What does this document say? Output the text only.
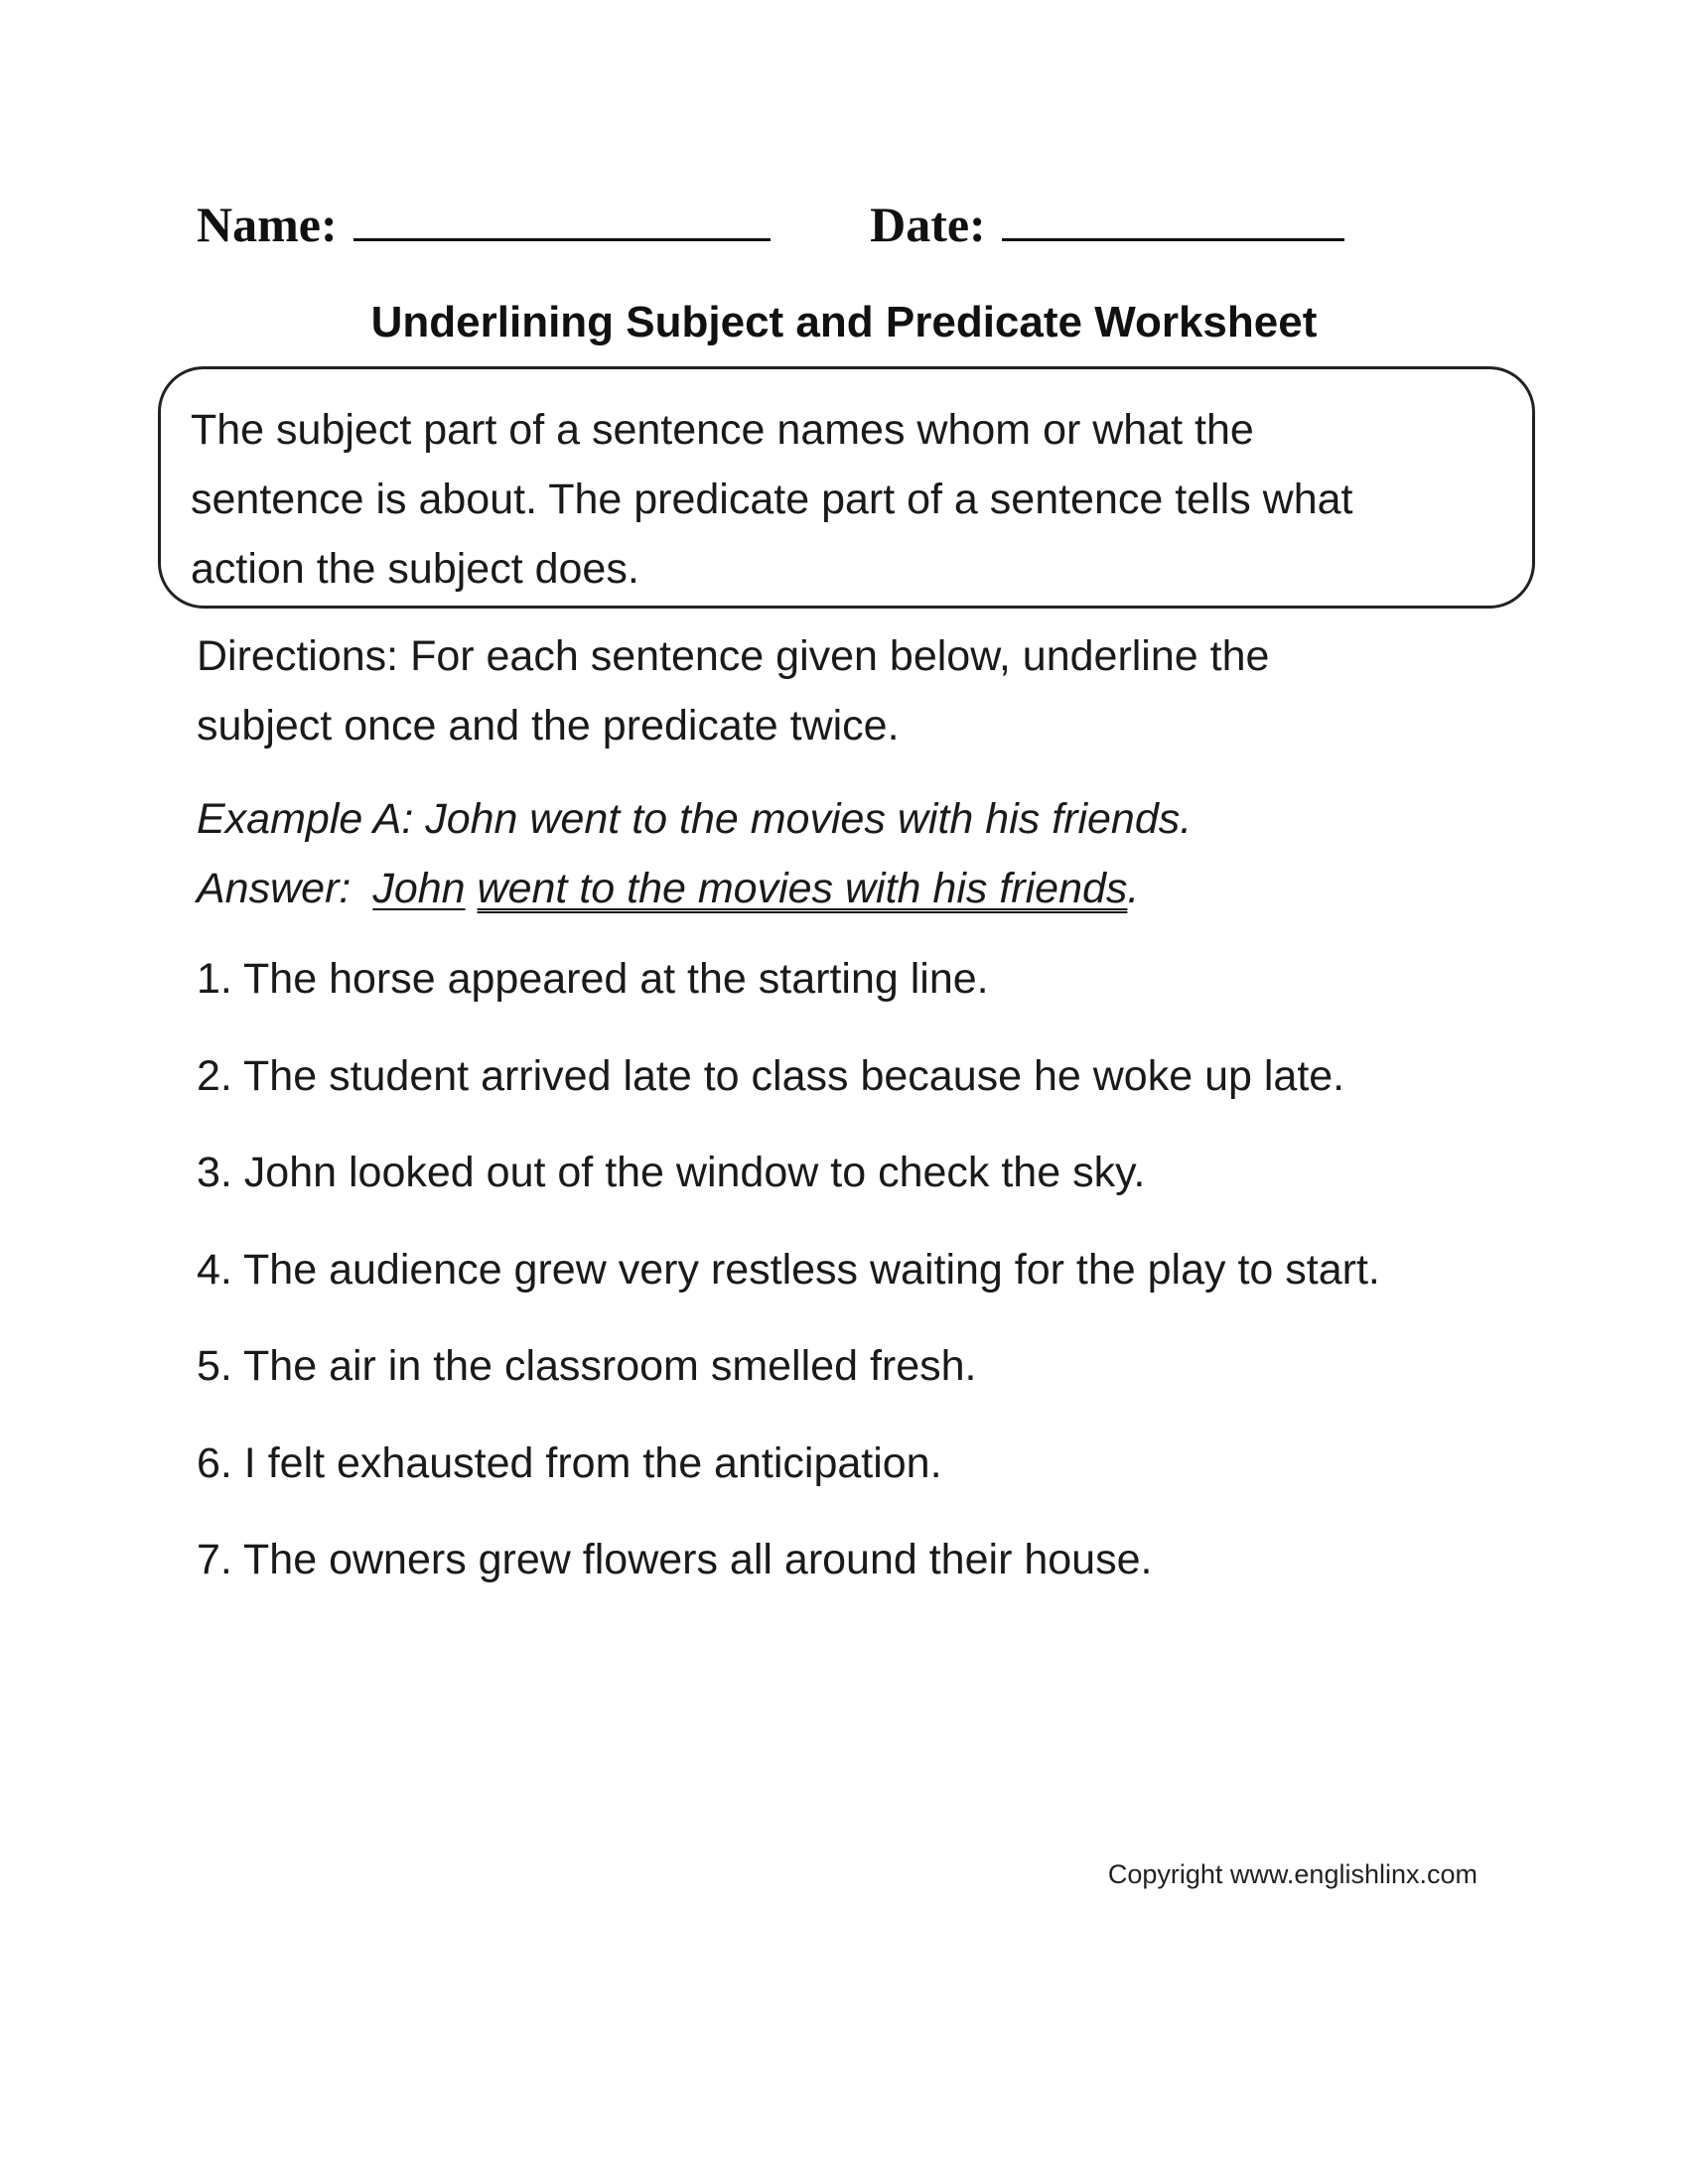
Name:	Date:
Underlining Subject and Predicate Worksheet
The subject part of a sentence names whom or what the
sentence is about. The predicate part of a sentence tells what
action the subject does.
Directions: For each sentence given below, underline the
subject once and the predicate twice.
Example A: John went to the movies with his friends.
Answer: John went to the movies with his friends.
1. The horse appeared at the starting line.
2. The student arrived late to class because he woke up late.
3. John looked out of the window to check the sky.
4. The audience grew very restless waiting for the play to start.
5. The air in the classroom smelled fresh.
6. I felt exhausted from the anticipation.
7. The owners grew flowers all around their house.
Copyright www.englishlinx.com
